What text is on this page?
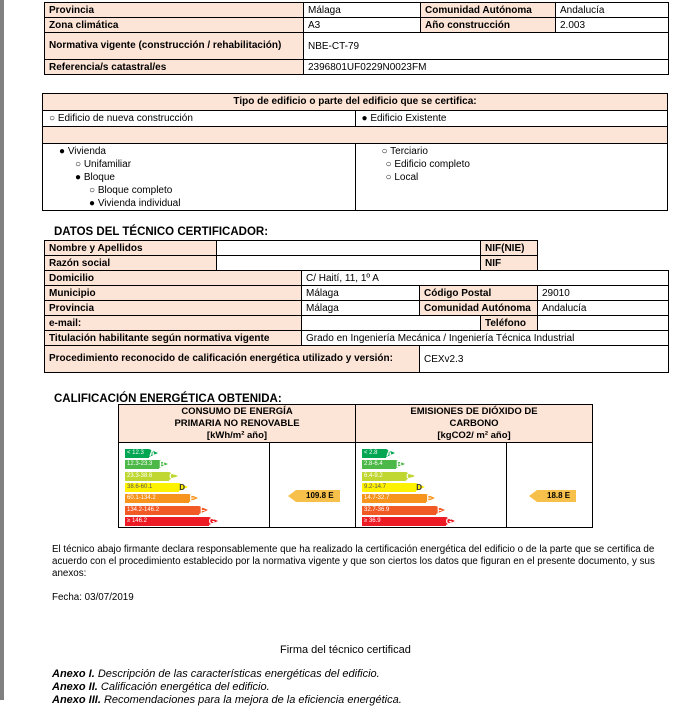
Provincia	Málaga	Comunidad Autónoma	Andalucía
Zona climática	A3	Año construcción	2.003
Normativa vigente (construcción / rehabilitación)	NBE-CT-79		
Referencia/s catastral/es	2396801UF0229N0023FM		
Tipo de edificio o parte del edificio que se certifica:
○ Edificio de nueva construcción	● Edificio Existente
● Vivienda
○ Unifamiliar
● Bloque
○ Bloque completo
● Vivienda individual
○ Terciario
○ Edificio completo
○ Local
DATOS DEL TÉCNICO CERTIFICADOR:
Nombre y Apellidos				NIF(NIE)	
Razón social				NIF	
Domicilio		C/ Haití, 11, 1º A			
Municipio		Málaga	Código Postal		29010
Provincia		Málaga	Comunidad Autónoma		Andalucía
e-mail:				Teléfono	
Titulación habilitante según normativa vigente		Grado en Ingeniería Mecánica / Ingeniería Técnica Industrial			
Procedimiento reconocido de calificación energética utilizado y versión:			CEXv2.3		
CALIFICACIÓN ENERGÉTICA OBTENIDA:
CONSUMO DE ENERGÍA PRIMARIA NO RENOVABLE
[kWh/m² año]
< 12.3 A
12.3-23.3 B
23.3-38.6 C
38.6-60.1	D
60.1-134.2	E
134.2-146.2	F
≥ 146.2	G
109.8 E
EMISIONES DE DIÓXIDO DE CARBONO
[kgCO2/ m² año]
< 2.8 A
2.8-6.4 B
6.4-9.2	C
9.2-14.7	D
14.7-32.7	E
32.7-36.9	F
≥ 36.9	G
18.8 E
El técnico abajo firmante declara responsablemente que ha realizado la certificación energética del edificio o de la parte que se certifica de acuerdo con el procedimiento establecido por la normativa vigente y que son ciertos los datos que figuran en el presente documento, y sus anexos:
Fecha: 03/07/2019
Firma del técnico certificad
Anexo I. Descripción de las características energéticas del edificio.
Anexo II. Calificación energética del edificio.
Anexo III. Recomendaciones para la mejora de la eficiencia energética.
